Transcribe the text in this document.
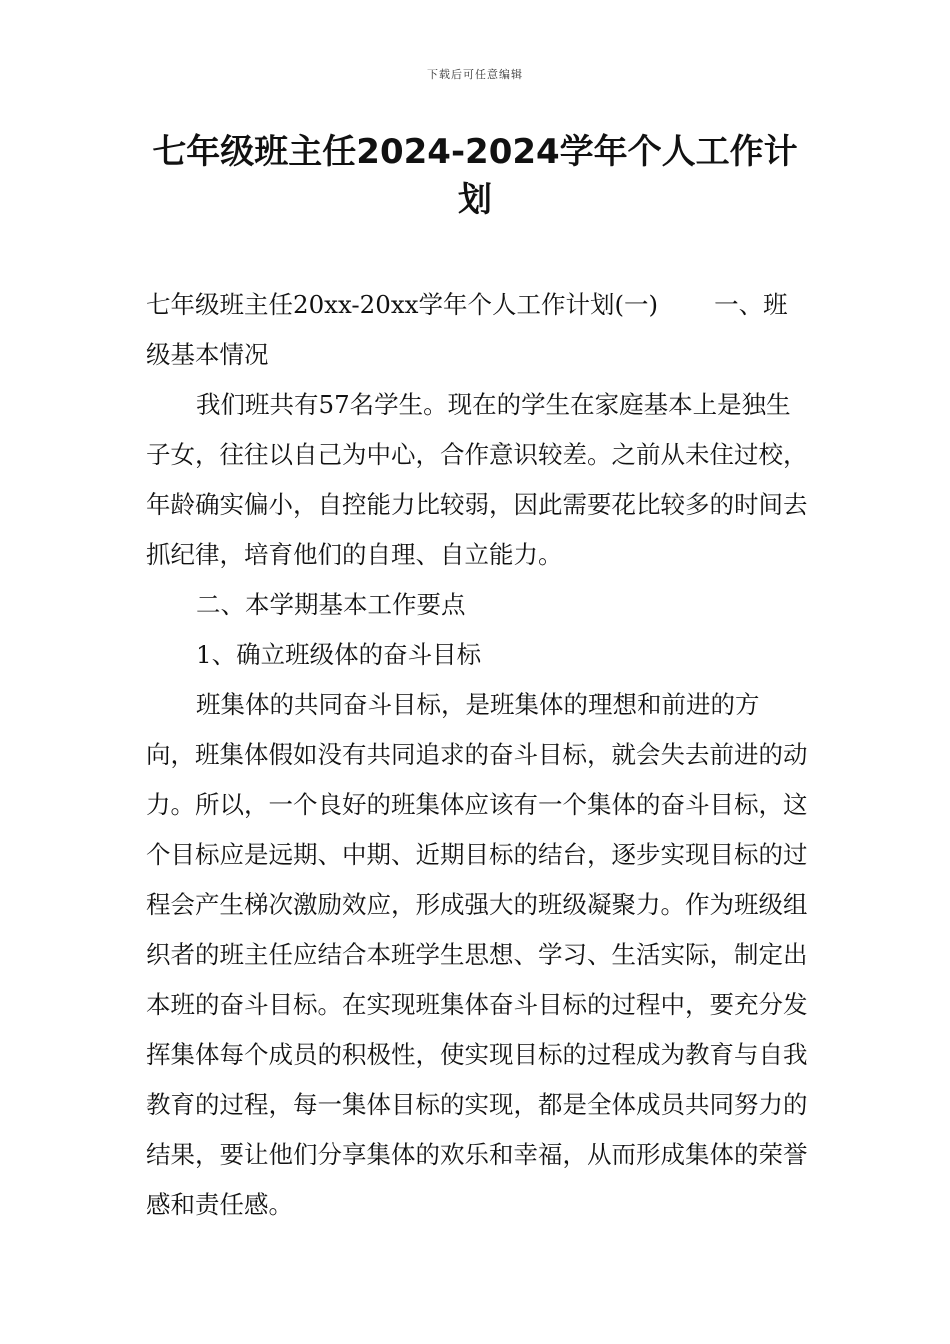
下载后可任意编辑
七年级班主任2024-2024学年个人工作计划

七年级班主任20xx-20xx学年个人工作计划(一) 一、班级基本情况

我们班共有57名学生。现在的学生在家庭基本上是独生子女，往往以自己为中心，合作意识较差。之前从未住过校，年龄确实偏小，自控能力比较弱，因此需要花比较多的时间去抓纪律，培育他们的自理、自立能力。

二、本学期基本工作要点

1、确立班级体的奋斗目标

班集体的共同奋斗目标，是班集体的理想和前进的方向，班集体假如没有共同追求的奋斗目标，就会失去前进的动力。所以，一个良好的班集体应该有一个集体的奋斗目标，这个目标应是远期、中期、近期目标的结台，逐步实现目标的过程会产生梯次激励效应，形成强大的班级凝聚力。作为班级组织者的班主任应结合本班学生思想、学习、生活实际，制定出本班的奋斗目标。在实现班集体奋斗目标的过程中，要充分发挥集体每个成员的积极性，使实现目标的过程成为教育与自我教育的过程，每一集体目标的实现，都是全体成员共同努力的结果，要让他们分享集体的欢乐和幸福，从而形成集体的荣誉感和责任感。
